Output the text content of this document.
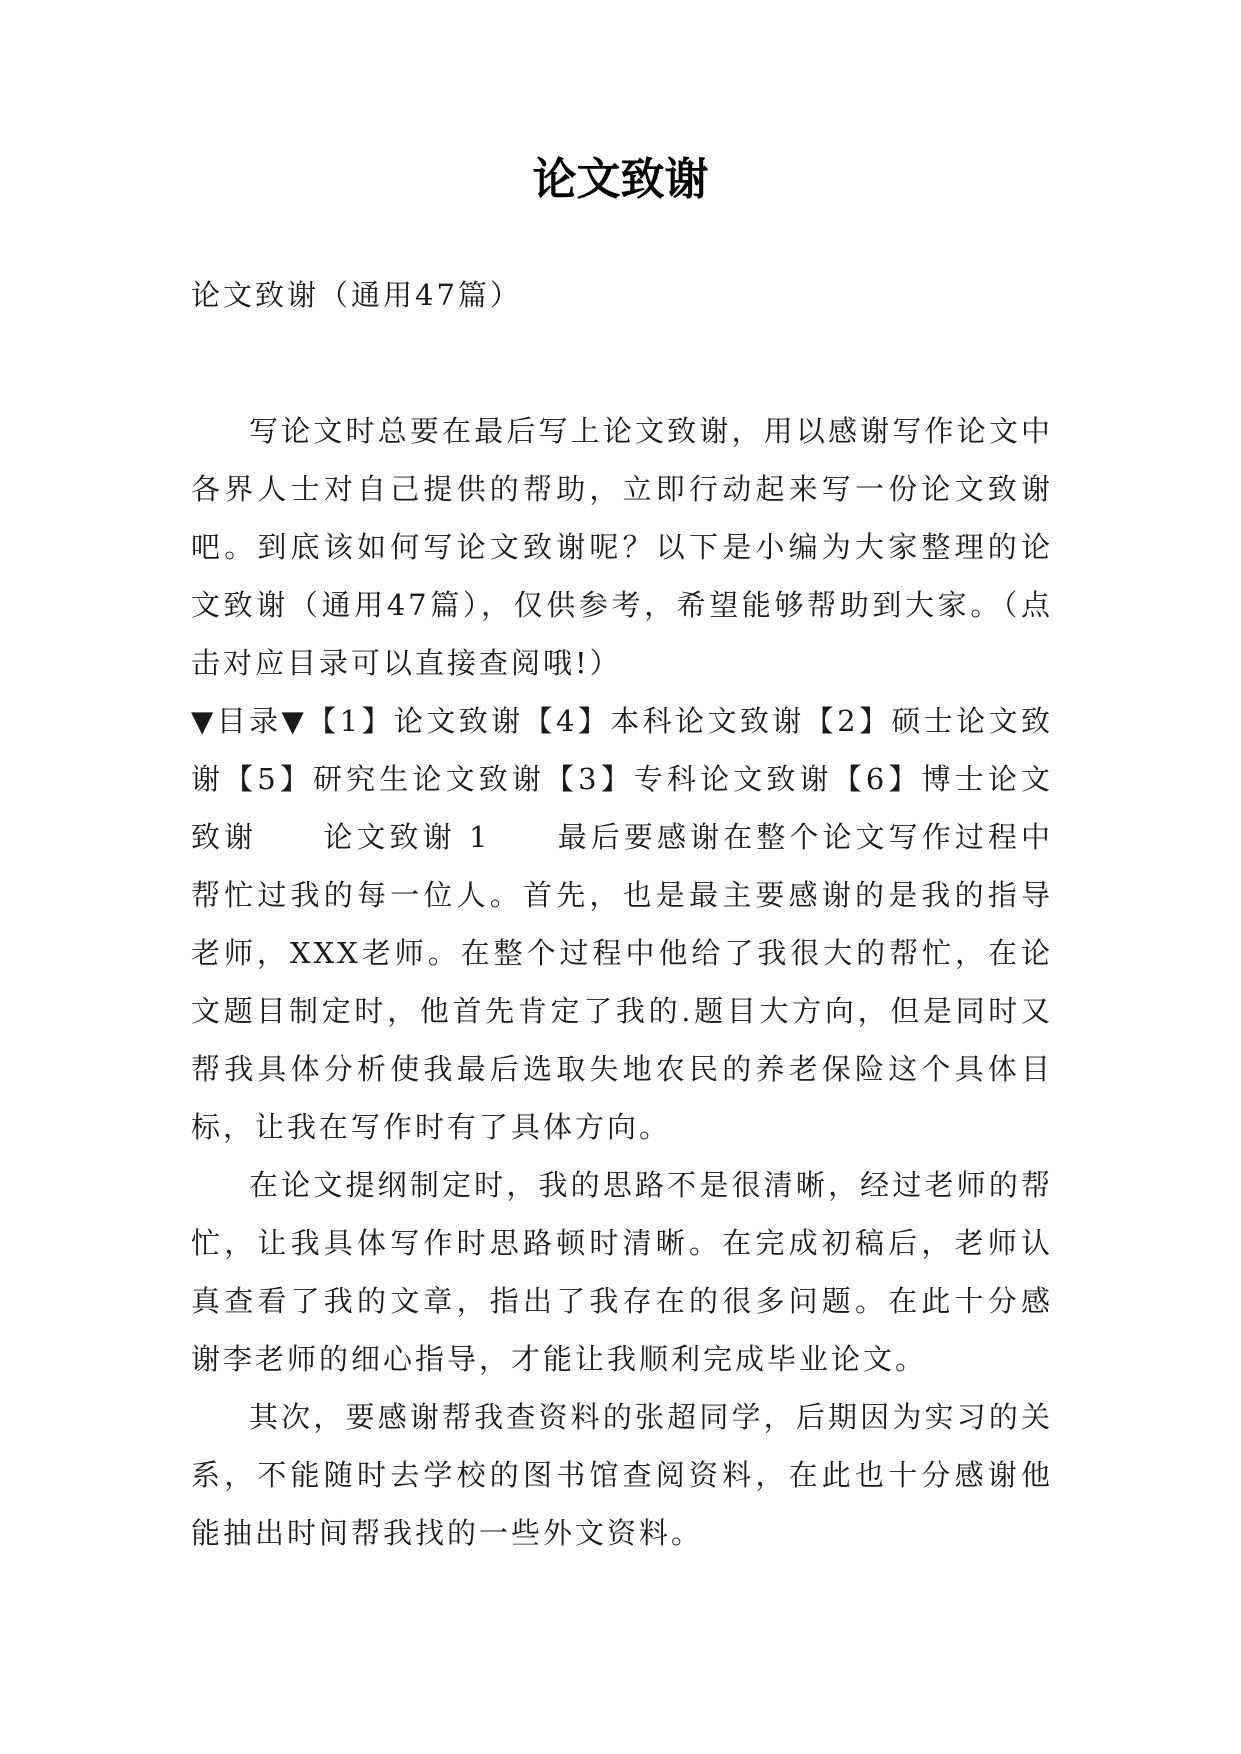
论文致谢
论文致谢（通用47篇）

写论文时总要在最后写上论文致谢，用以感谢写作论文中各界人士对自己提供的帮助，立即行动起来写一份论文致谢吧。到底该如何写论文致谢呢？以下是小编为大家整理的论文致谢（通用47篇），仅供参考，希望能够帮助到大家。（点击对应目录可以直接查阅哦!）

▼目录▼【1】论文致谢【4】本科论文致谢【2】硕士论文致谢【5】研究生论文致谢【3】专科论文致谢【6】博士论文致谢　　论文致谢 1　　最后要感谢在整个论文写作过程中帮忙过我的每一位人。首先，也是最主要感谢的是我的指导老师，XXX老师。在整个过程中他给了我很大的帮忙，在论文题目制定时，他首先肯定了我的.题目大方向，但是同时又帮我具体分析使我最后选取失地农民的养老保险这个具体目标，让我在写作时有了具体方向。

在论文提纲制定时，我的思路不是很清晰，经过老师的帮忙，让我具体写作时思路顿时清晰。在完成初稿后，老师认真查看了我的文章，指出了我存在的很多问题。在此十分感谢李老师的细心指导，才能让我顺利完成毕业论文。

其次，要感谢帮我查资料的张超同学，后期因为实习的关系，不能随时去学校的图书馆查阅资料，在此也十分感谢他能抽出时间帮我找的一些外文资料。
